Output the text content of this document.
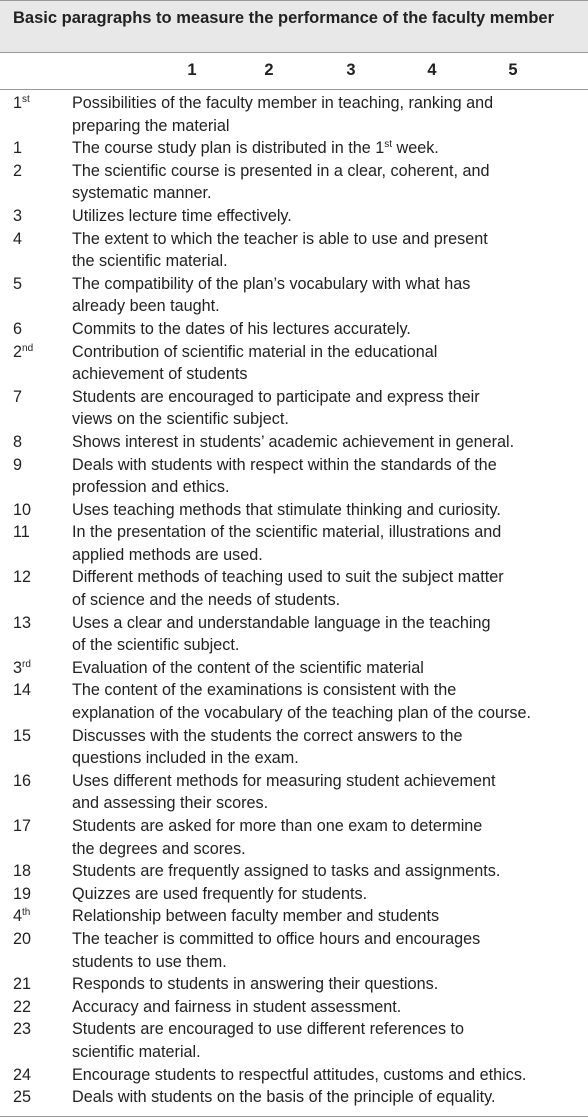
Basic paragraphs to measure the performance of the faculty member
1	2	3	4	5
1st	Possibilities of the faculty member in teaching, ranking and
preparing the material
1	The course study plan is distributed in the 1st week.
2	The scientific course is presented in a clear, coherent, and
systematic manner.
3	Utilizes lecture time effectively.
4	The extent to which the teacher is able to use and present
the scientific material.
5	The compatibility of the plan’s vocabulary with what has
already been taught.
6	Commits to the dates of his lectures accurately.
2nd	Contribution of scientific material in the educational
achievement of students
7	Students are encouraged to participate and express their
views on the scientific subject.
8	Shows interest in students’ academic achievement in general.
9	Deals with students with respect within the standards of the
profession and ethics.
10	Uses teaching methods that stimulate thinking and curiosity.
11	In the presentation of the scientific material, illustrations and
applied methods are used.
12	Different methods of teaching used to suit the subject matter
of science and the needs of students.
13	Uses a clear and understandable language in the teaching
of the scientific subject.
3rd	Evaluation of the content of the scientific material
14	The content of the examinations is consistent with the
explanation of the vocabulary of the teaching plan of the course.
15	Discusses with the students the correct answers to the
questions included in the exam.
16	Uses different methods for measuring student achievement
and assessing their scores.
17	Students are asked for more than one exam to determine
the degrees and scores.
18	Students are frequently assigned to tasks and assignments.
19	Quizzes are used frequently for students.
4th	Relationship between faculty member and students
20	The teacher is committed to office hours and encourages
students to use them.
21	Responds to students in answering their questions.
22	Accuracy and fairness in student assessment.
23	Students are encouraged to use different references to
scientific material.
24	Encourage students to respectful attitudes, customs and ethics.
25	Deals with students on the basis of the principle of equality.
